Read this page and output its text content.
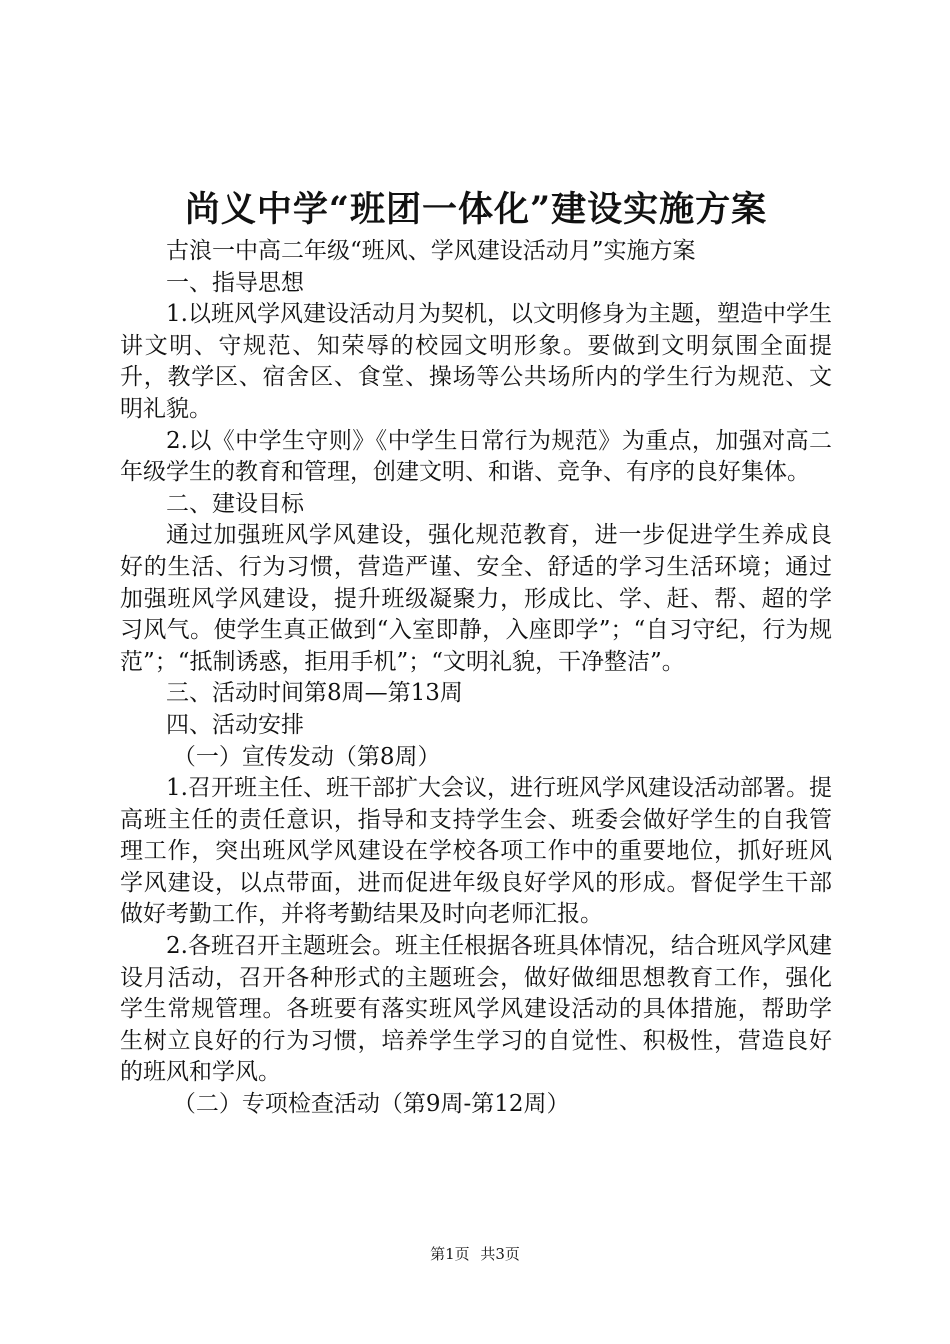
尚义中学“班团一体化”建设实施方案

古浪一中高二年级“班风、学风建设活动月”实施方案

一、指导思想

1.以班风学风建设活动月为契机，以文明修身为主题，塑造中学生讲文明、守规范、知荣辱的校园文明形象。要做到文明氛围全面提升，教学区、宿舍区、食堂、操场等公共场所内的学生行为规范、文明礼貌。

2.以《中学生守则》《中学生日常行为规范》为重点，加强对高二年级学生的教育和管理，创建文明、和谐、竞争、有序的良好集体。

二、建设目标

通过加强班风学风建设，强化规范教育，进一步促进学生养成良好的生活、行为习惯，营造严谨、安全、舒适的学习生活环境；通过加强班风学风建设，提升班级凝聚力，形成比、学、赶、帮、超的学习风气。使学生真正做到“入室即静，入座即学”；“自习守纪，行为规范”；“抵制诱惑，拒用手机”；“文明礼貌，干净整洁”。

三、活动时间第8周—第13周

四、活动安排

（一）宣传发动（第8周）

1.召开班主任、班干部扩大会议，进行班风学风建设活动部署。提高班主任的责任意识，指导和支持学生会、班委会做好学生的自我管理工作，突出班风学风建设在学校各项工作中的重要地位，抓好班风学风建设，以点带面，进而促进年级良好学风的形成。督促学生干部做好考勤工作，并将考勤结果及时向老师汇报。

2.各班召开主题班会。班主任根据各班具体情况，结合班风学风建设月活动，召开各种形式的主题班会，做好做细思想教育工作，强化学生常规管理。各班要有落实班风学风建设活动的具体措施，帮助学生树立良好的行为习惯，培养学生学习的自觉性、积极性，营造良好的班风和学风。

（二）专项检查活动（第9周-第12周）

第1页 共3页
